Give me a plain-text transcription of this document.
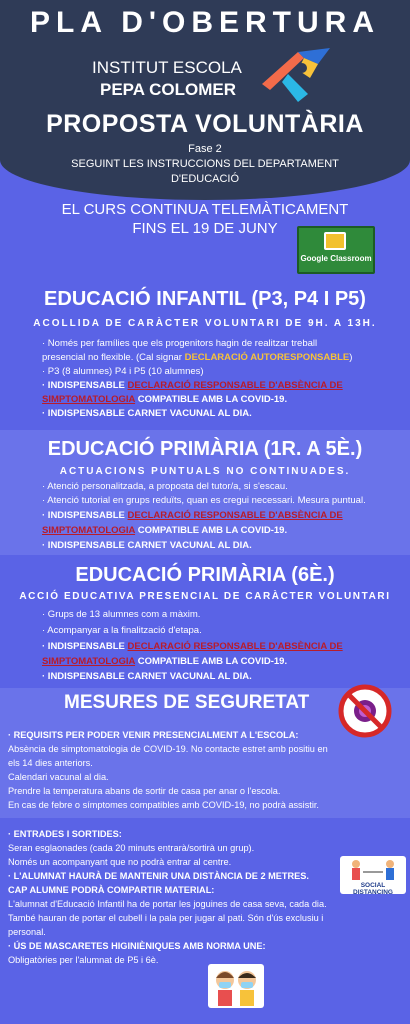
PLA D'OBERTURA
INSTITUT ESCOLA
PEPA COLOMER
PROPOSTA VOLUNTÀRIA
Fase 2
SEGUINT LES INSTRUCCIONS DEL DEPARTAMENT
D'EDUCACIÓ
EL CURS CONTINUA TELEMÀTICAMENT
FINS EL 19 DE JUNY
Google Classroom
EDUCACIÓ INFANTIL (P3, P4 I P5)
ACOLLIDA DE CARÀCTER VOLUNTARI DE 9H. A 13H.
· Només per famílies que els progenitors hagin de realitzar treball
presencial no flexible. (Cal signar DECLARACIÓ AUTORESPONSABLE)
· P3 (8 alumnes) P4 i P5 (10 alumnes)
· INDISPENSABLE DECLARACIÓ RESPONSABLE D'ABSÈNCIA DE
SIMPTOMATOLOGIA COMPATIBLE AMB LA COVID-19.
· INDISPENSABLE CARNET VACUNAL AL DIA.
EDUCACIÓ PRIMÀRIA (1R. A 5È.)
ACTUACIONS PUNTUALS NO CONTINUADES.
· Atenció personalitzada, a proposta del tutor/a, si s'escau.
· Atenció tutorial en grups reduïts, quan es cregui necessari. Mesura puntual.
· INDISPENSABLE DECLARACIÓ RESPONSABLE D'ABSÈNCIA DE
SIMPTOMATOLOGIA COMPATIBLE AMB LA COVID-19.
· INDISPENSABLE CARNET VACUNAL AL DIA.
EDUCACIÓ PRIMÀRIA (6È.)
ACCIÓ EDUCATIVA PRESENCIAL DE CARÀCTER VOLUNTARI
· Grups de 13 alumnes com a màxim.
· Acompanyar a la finalització d'etapa.
· INDISPENSABLE DECLARACIÓ RESPONSABLE D'ABSÈNCIA DE
SIMPTOMATOLOGIA COMPATIBLE AMB LA COVID-19.
· INDISPENSABLE CARNET VACUNAL AL DIA.
MESURES DE SEGURETAT
· REQUISITS PER PODER VENIR PRESENCIALMENT A L'ESCOLA:
Absència de simptomatologia de COVID-19. No contacte estret amb positiu en
els 14 dies anteriors.
Calendari vacunal al dia.
Prendre la temperatura abans de sortir de casa per anar o l'escola.
En cas de febre o símptomes compatibles amb COVID-19, no podrà assistir.
· ENTRADES I SORTIDES:
Seran esglaonades (cada 20 minuts entrarà/sortirà un grup).
Només un acompanyant que no podrà entrar al centre.
· L'ALUMNAT HAURÀ DE MANTENIR UNA DISTÀNCIA DE 2 METRES.
CAP ALUMNE PODRÀ COMPARTIR MATERIAL:
L'alumnat d'Educació Infantil ha de portar les joguines de casa seva, cada dia.
També hauran de portar el cubell i la pala per jugar al pati. Són d'ús exclusiu i
personal.
· ÚS DE MASCARETES HIGINIÈNIQUES AMB NORMA UNE:
Obligatòries per l'alumnat de P5 i 6è.
SOCIAL DISTANCING
